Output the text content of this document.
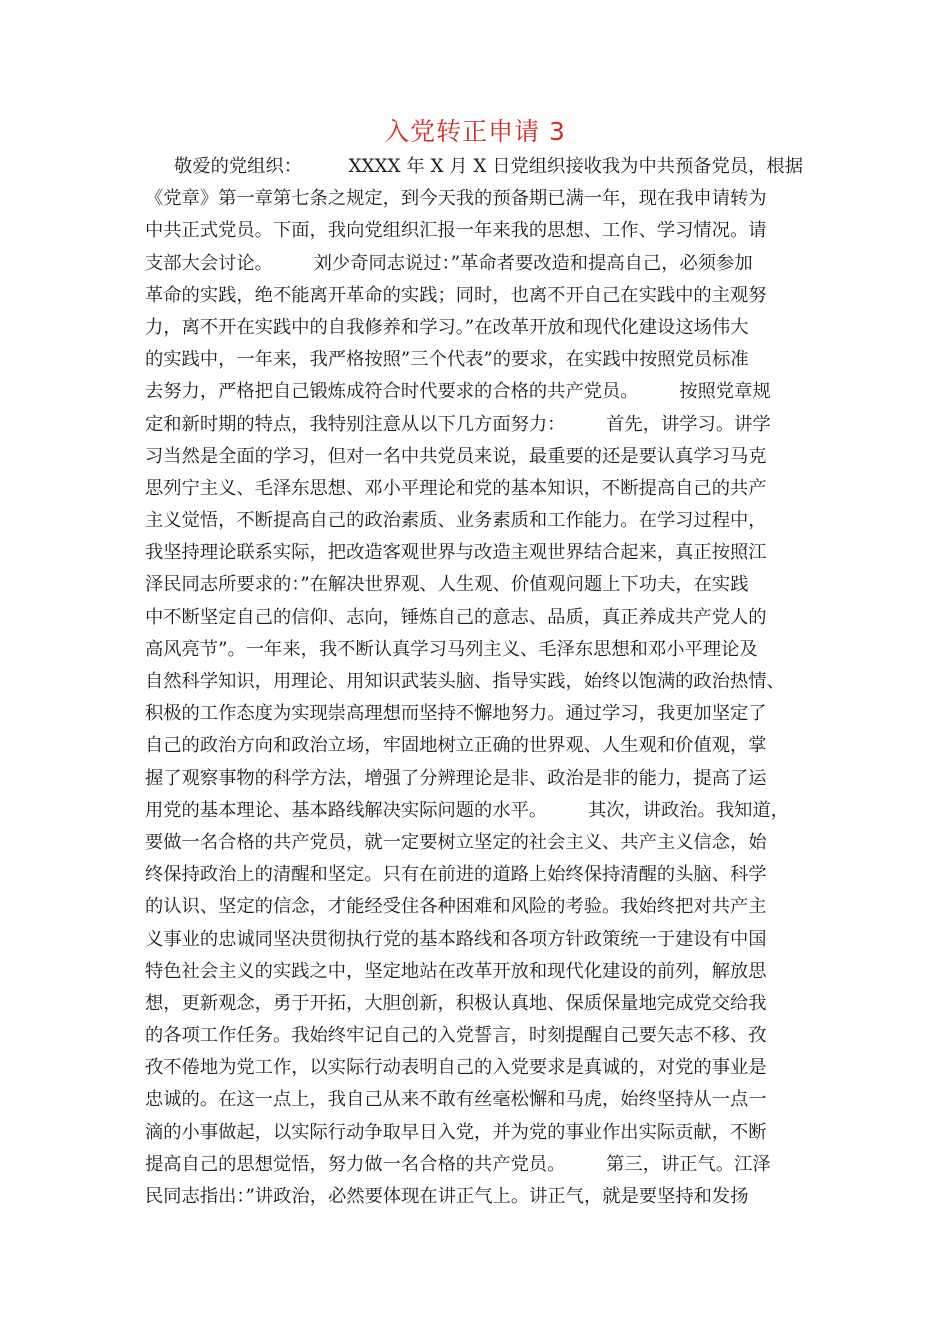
入党转正申请 3
敬爱的党组织：        XXXX 年 X 月 X 日党组织接收我为中共预备党员，根据
《党章》第一章第七条之规定，到今天我的预备期已满一年，现在我申请转为
中共正式党员。下面，我向党组织汇报一年来我的思想、工作、学习情况。请
支部大会讨论。       刘少奇同志说过：”革命者要改造和提高自己，必须参加
革命的实践，绝不能离开革命的实践；同时，也离不开自己在实践中的主观努
力，离不开在实践中的自我修养和学习。”在改革开放和现代化建设这场伟大
的实践中，一年来，我严格按照”三个代表”的要求，在实践中按照党员标准
去努力，严格把自己锻炼成符合时代要求的合格的共产党员。       按照党章规
定和新时期的特点，我特别注意从以下几方面努力：       首先，讲学习。讲学
习当然是全面的学习，但对一名中共党员来说，最重要的还是要认真学习马克
思列宁主义、毛泽东思想、邓小平理论和党的基本知识，不断提高自己的共产
主义觉悟，不断提高自己的政治素质、业务素质和工作能力。在学习过程中，
我坚持理论联系实际，把改造客观世界与改造主观世界结合起来，真正按照江
泽民同志所要求的：”在解决世界观、人生观、价值观问题上下功夫，在实践
中不断坚定自己的信仰、志向，锤炼自己的意志、品质，真正养成共产党人的
高风亮节”。一年来，我不断认真学习马列主义、毛泽东思想和邓小平理论及
自然科学知识，用理论、用知识武装头脑、指导实践，始终以饱满的政治热情、
积极的工作态度为实现崇高理想而坚持不懈地努力。通过学习，我更加坚定了
自己的政治方向和政治立场，牢固地树立正确的世界观、人生观和价值观，掌
握了观察事物的科学方法，增强了分辨理论是非、政治是非的能力，提高了运
用党的基本理论、基本路线解决实际问题的水平。       其次，讲政治。我知道，
要做一名合格的共产党员，就一定要树立坚定的社会主义、共产主义信念，始
终保持政治上的清醒和坚定。只有在前进的道路上始终保持清醒的头脑、科学
的认识、坚定的信念，才能经受住各种困难和风险的考验。我始终把对共产主
义事业的忠诚同坚决贯彻执行党的基本路线和各项方针政策统一于建设有中国
特色社会主义的实践之中，坚定地站在改革开放和现代化建设的前列，解放思
想，更新观念，勇于开拓，大胆创新，积极认真地、保质保量地完成党交给我
的各项工作任务。我始终牢记自己的入党誓言，时刻提醒自己要矢志不移、孜
孜不倦地为党工作，以实际行动表明自己的入党要求是真诚的，对党的事业是
忠诚的。在这一点上，我自己从来不敢有丝毫松懈和马虎，始终坚持从一点一
滴的小事做起，以实际行动争取早日入党，并为党的事业作出实际贡献，不断
提高自己的思想觉悟，努力做一名合格的共产党员。       第三，讲正气。江泽
民同志指出：”讲政治，必然要体现在讲正气上。讲正气，就是要坚持和发扬
